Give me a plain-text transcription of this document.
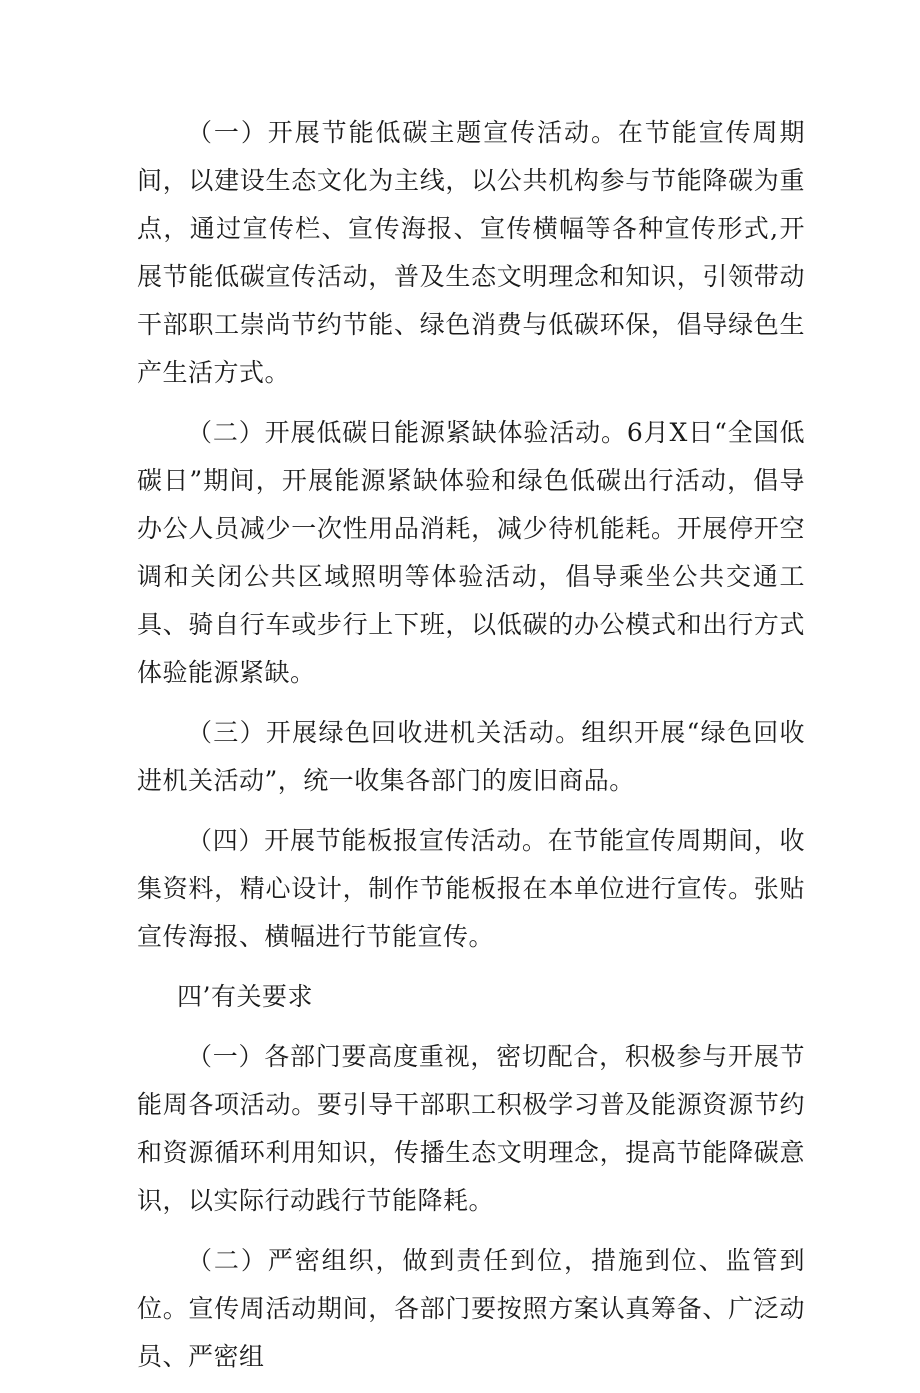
（一）开展节能低碳主题宣传活动。在节能宣传周期间，以建设生态文化为主线，以公共机构参与节能降碳为重点，通过宣传栏、宣传海报、宣传横幅等各种宣传形式,开展节能低碳宣传活动，普及生态文明理念和知识，引领带动干部职工崇尚节约节能、绿色消费与低碳环保，倡导绿色生产生活方式。

（二）开展低碳日能源紧缺体验活动。6月X日“全国低碳日”期间，开展能源紧缺体验和绿色低碳出行活动，倡导办公人员减少一次性用品消耗，减少待机能耗。开展停开空调和关闭公共区域照明等体验活动，倡导乘坐公共交通工具、骑自行车或步行上下班，以低碳的办公模式和出行方式体验能源紧缺。

（三）开展绿色回收进机关活动。组织开展“绿色回收进机关活动”，统一收集各部门的废旧商品。

（四）开展节能板报宣传活动。在节能宣传周期间，收集资料，精心设计，制作节能板报在本单位进行宣传。张贴宣传海报、横幅进行节能宣传。

四’有关要求

（一）各部门要高度重视，密切配合，积极参与开展节能周各项活动。要引导干部职工积极学习普及能源资源节约和资源循环利用知识，传播生态文明理念，提高节能降碳意识，以实际行动践行节能降耗。

（二）严密组织，做到责任到位，措施到位、监管到位。宣传周活动期间，各部门要按照方案认真筹备、广泛动员、严密组
